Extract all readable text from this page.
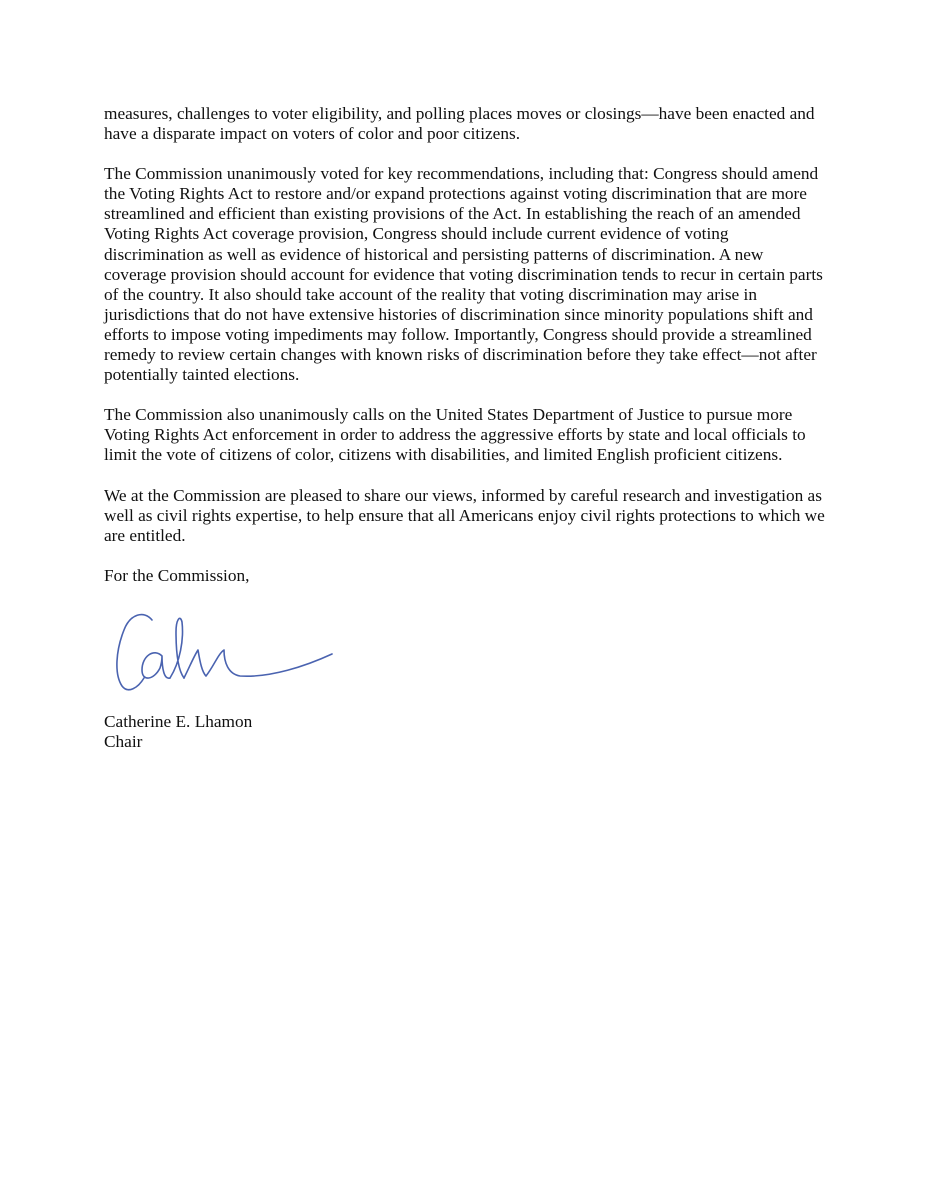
measures, challenges to voter eligibility, and polling places moves or closings—have been enacted and have a disparate impact on voters of color and poor citizens.

The Commission unanimously voted for key recommendations, including that: Congress should amend the Voting Rights Act to restore and/or expand protections against voting discrimination that are more streamlined and efficient than existing provisions of the Act. In establishing the reach of an amended Voting Rights Act coverage provision, Congress should include current evidence of voting discrimination as well as evidence of historical and persisting patterns of discrimination. A new coverage provision should account for evidence that voting discrimination tends to recur in certain parts of the country. It also should take account of the reality that voting discrimination may arise in jurisdictions that do not have extensive histories of discrimination since minority populations shift and efforts to impose voting impediments may follow. Importantly, Congress should provide a streamlined remedy to review certain changes with known risks of discrimination before they take effect—not after potentially tainted elections.

The Commission also unanimously calls on the United States Department of Justice to pursue more Voting Rights Act enforcement in order to address the aggressive efforts by state and local officials to limit the vote of citizens of color, citizens with disabilities, and limited English proficient citizens.

We at the Commission are pleased to share our views, informed by careful research and investigation as well as civil rights expertise, to help ensure that all Americans enjoy civil rights protections to which we are entitled.

For the Commission,

Catherine E. Lhamon
Chair
